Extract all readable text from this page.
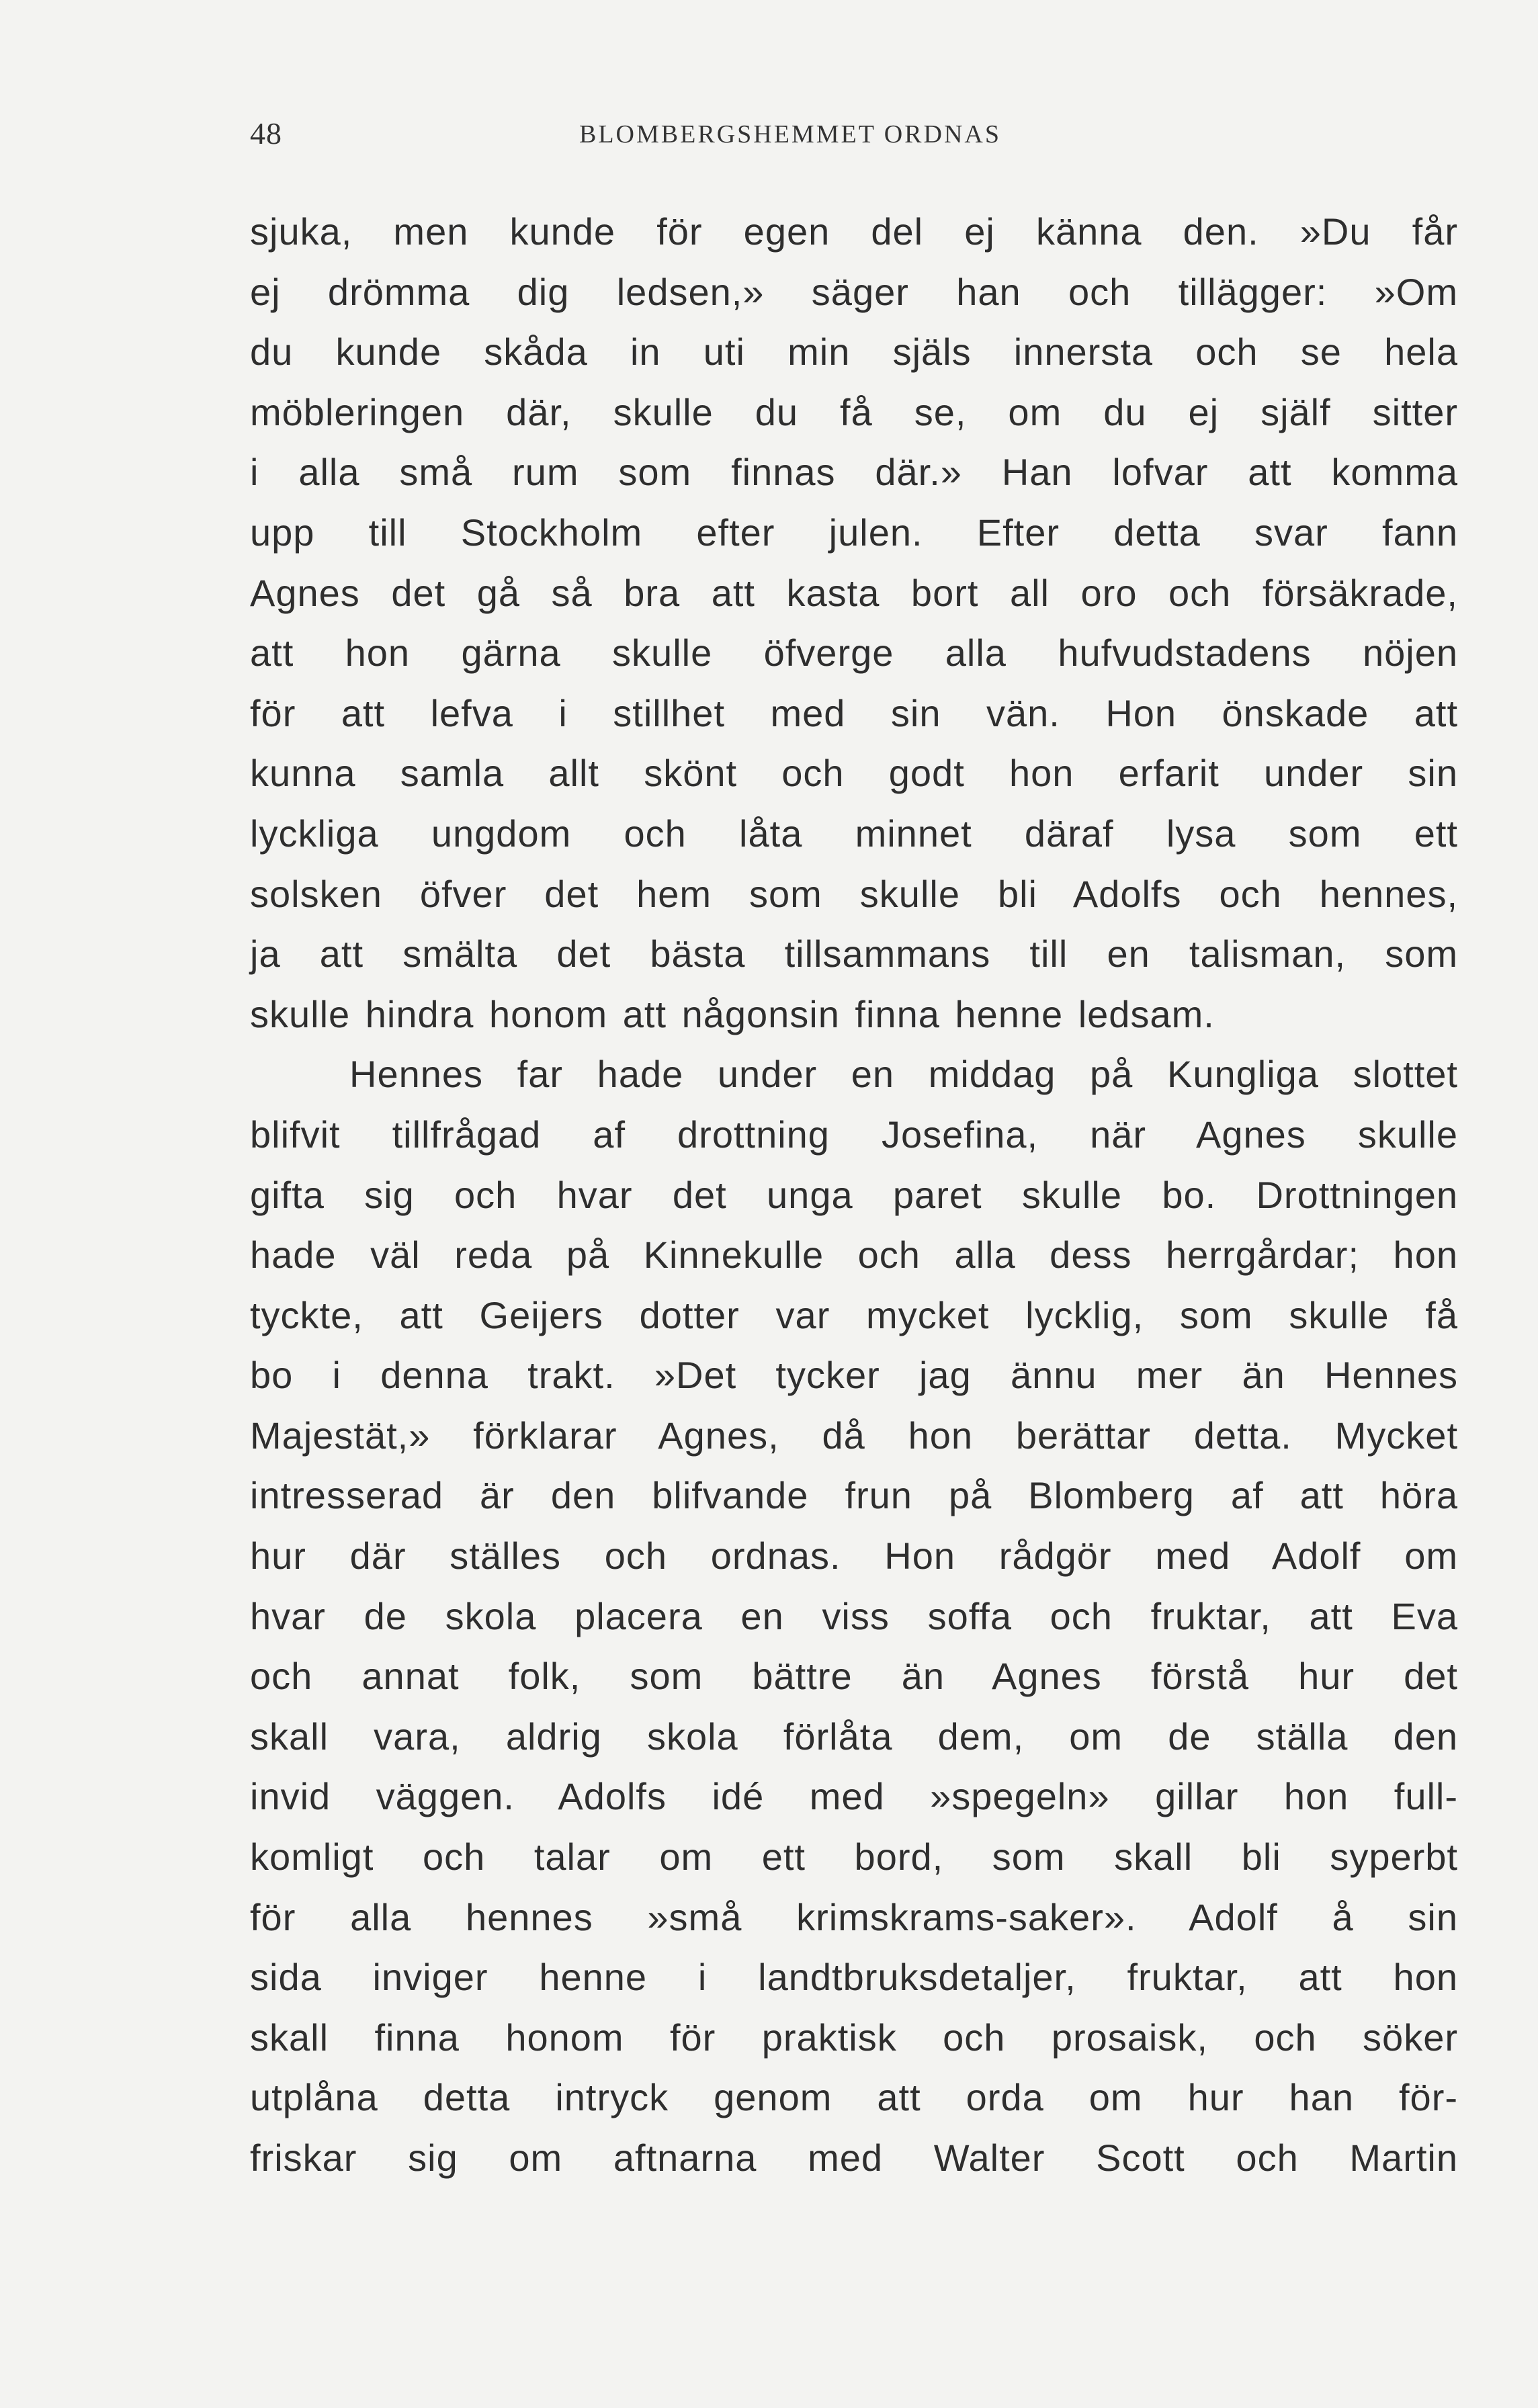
48	BLOMBERGSHEMMET ORDNAS
sjuka, men kunde för egen del ej känna den. »Du får
ej drömma dig ledsen,» säger han och tillägger: »Om
du kunde skåda in uti min själs innersta och se hela
möbleringen där, skulle du få se, om du ej själf sitter
i alla små rum som finnas där.» Han lofvar att komma
upp till Stockholm efter julen. Efter detta svar fann
Agnes det gå så bra att kasta bort all oro och försäkrade,
att hon gärna skulle öfverge alla hufvudstadens nöjen
för att lefva i stillhet med sin vän. Hon önskade att
kunna samla allt skönt och godt hon erfarit under sin
lyckliga ungdom och låta minnet däraf lysa som ett
solsken öfver det hem som skulle bli Adolfs och hennes,
ja att smälta det bästa tillsammans till en talisman, som
skulle hindra honom att någonsin finna henne ledsam.
Hennes far hade under en middag på Kungliga slottet
blifvit tillfrågad af drottning Josefina, när Agnes skulle
gifta sig och hvar det unga paret skulle bo. Drottningen
hade väl reda på Kinnekulle och alla dess herrgårdar; hon
tyckte, att Geijers dotter var mycket lycklig, som skulle få
bo i denna trakt. »Det tycker jag ännu mer än Hennes
Majestät,» förklarar Agnes, då hon berättar detta. Mycket
intresserad är den blifvande frun på Blomberg af att höra
hur där ställes och ordnas. Hon rådgör med Adolf om
hvar de skola placera en viss soffa och fruktar, att Eva
och annat folk, som bättre än Agnes förstå hur det
skall vara, aldrig skola förlåta dem, om de ställa den
invid väggen. Adolfs idé med »spegeln» gillar hon full-
komligt och talar om ett bord, som skall bli syperbt
för alla hennes »små krimskrams-saker». Adolf å sin
sida inviger henne i landtbruksdetaljer, fruktar, att hon
skall finna honom för praktisk och prosaisk, och söker
utplåna detta intryck genom att orda om hur han för-
friskar sig om aftnarna med Walter Scott och Martin
